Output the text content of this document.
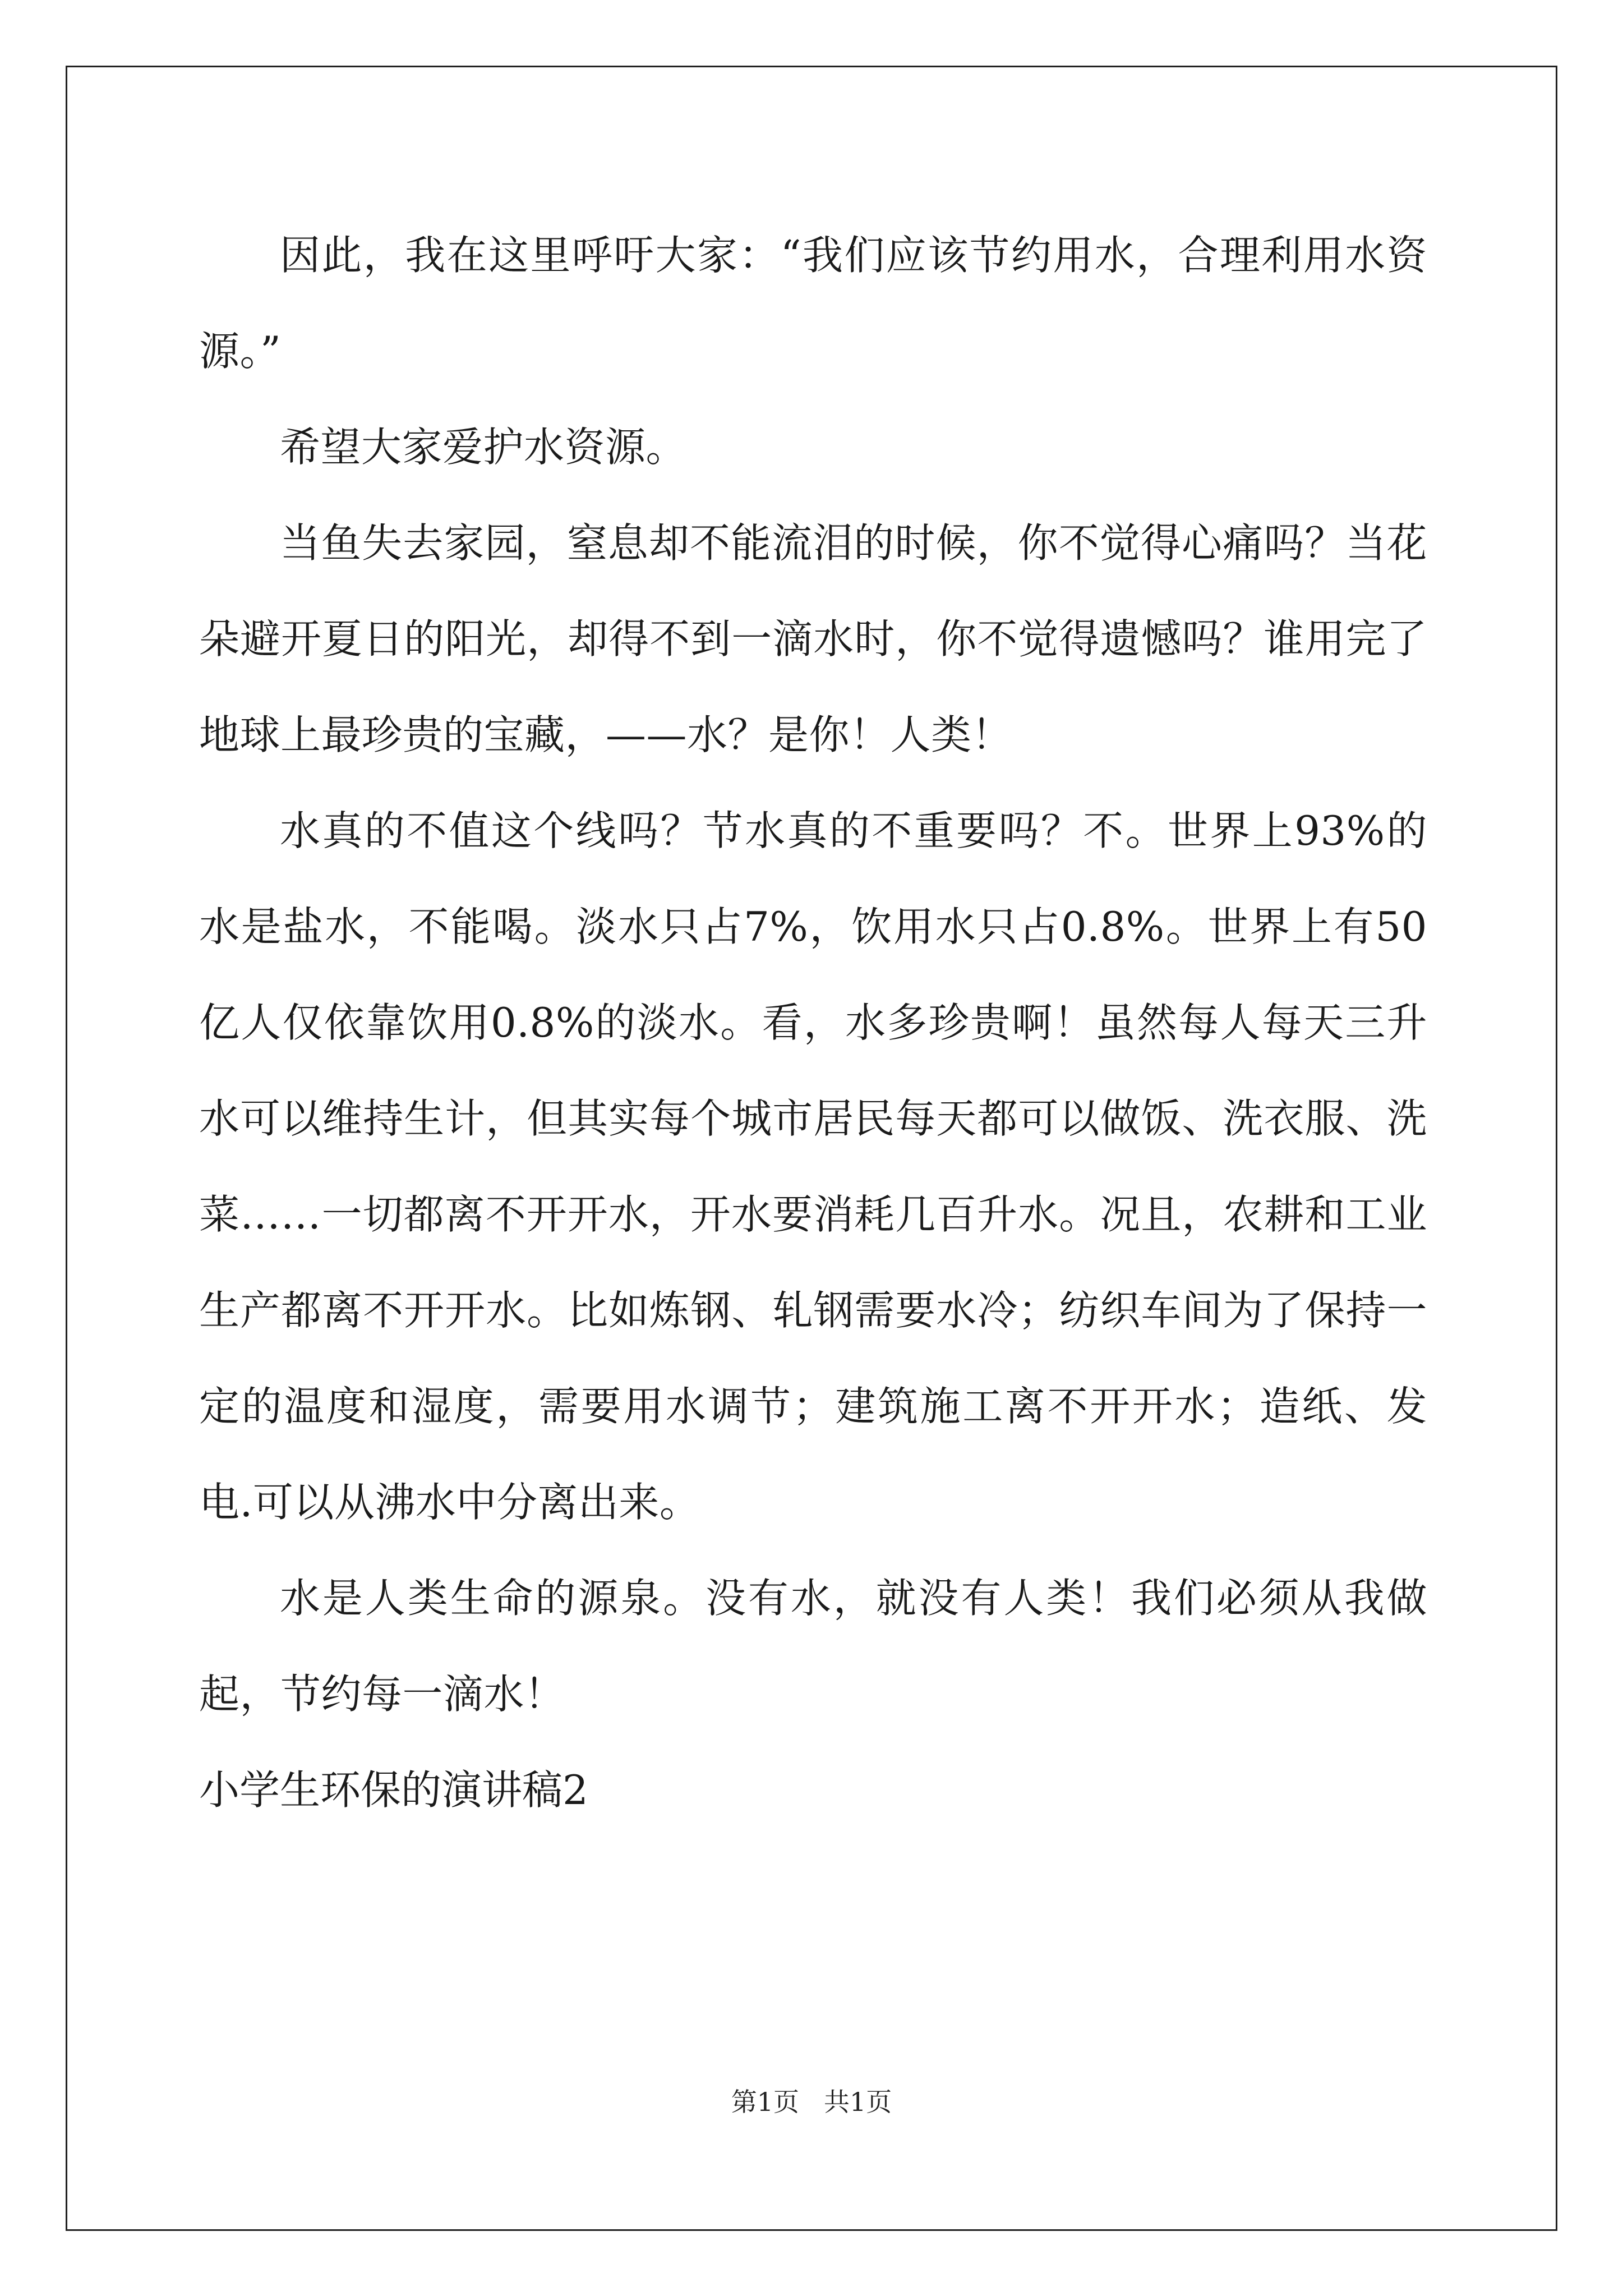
因此，我在这里呼吁大家：“我们应该节约用水，合理利用水资源。”

希望大家爱护水资源。

当鱼失去家园，窒息却不能流泪的时候，你不觉得心痛吗？当花朵避开夏日的阳光，却得不到一滴水时，你不觉得遗憾吗？谁用完了地球上最珍贵的宝藏，——水？是你！人类！

水真的不值这个线吗？节水真的不重要吗？不。世界上93%的水是盐水，不能喝。淡水只占7%，饮用水只占0.8%。世界上有50亿人仅依靠饮用0.8%的淡水。看，水多珍贵啊！虽然每人每天三升水可以维持生计，但其实每个城市居民每天都可以做饭、洗衣服、洗菜……一切都离不开开水，开水要消耗几百升水。况且，农耕和工业生产都离不开开水。比如炼钢、轧钢需要水冷；纺织车间为了保持一定的温度和湿度，需要用水调节；建筑施工离不开开水；造纸、发电.可以从沸水中分离出来。

水是人类生命的源泉。没有水，就没有人类！我们必须从我做起，节约每一滴水！

小学生环保的演讲稿2

第1页 共1页
